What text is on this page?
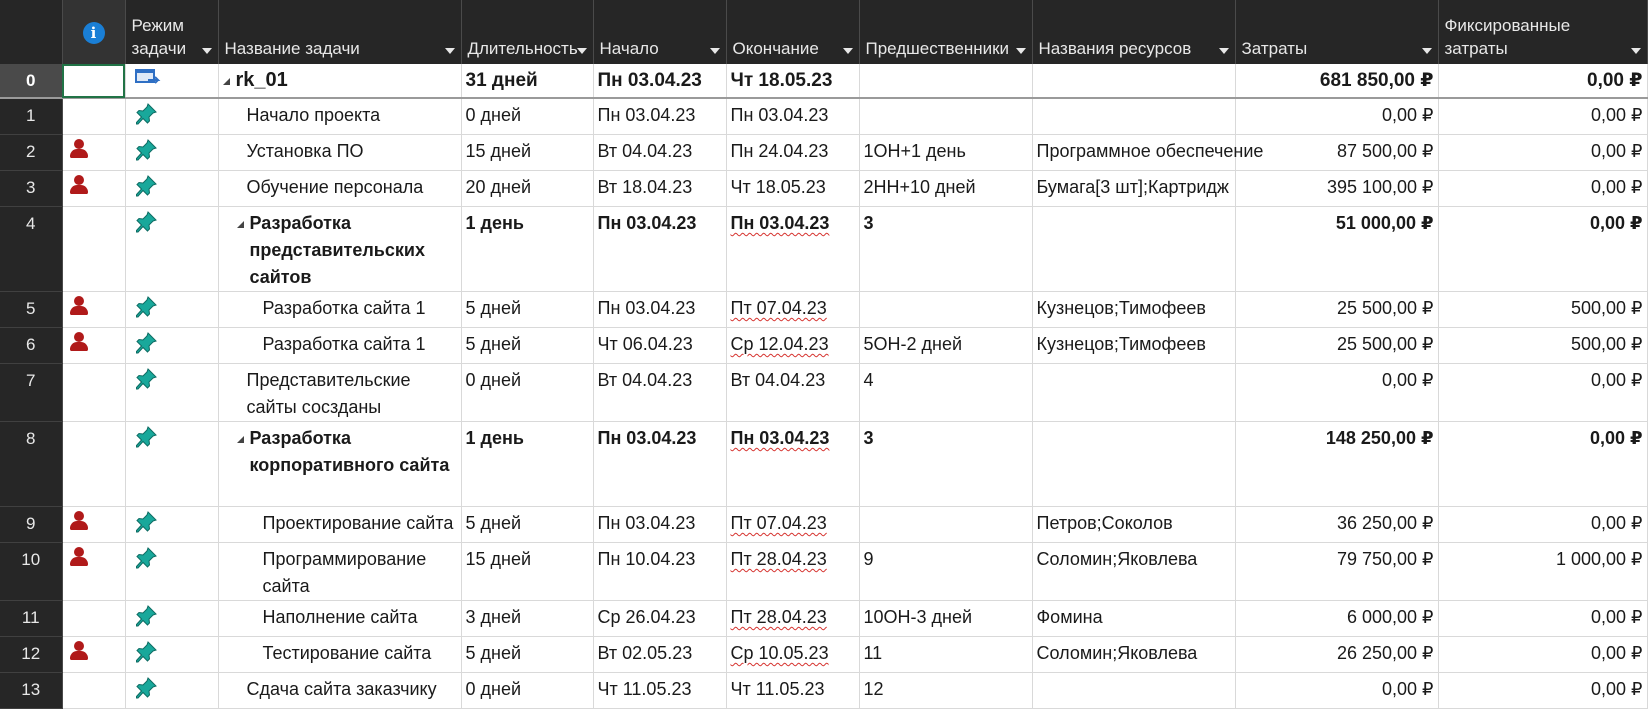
	i	Режим
задачи	Название задачи	Длительность	Начало	Окончание	Предшественники	Названия ресурсов	Затраты	Фиксированные
затраты

0			rk_01	31 дней	Пн 03.04.23	Чт 18.05.23			681 850,00 ₽	0,00 ₽
1			Начало проекта	0 дней	Пн 03.04.23	Пн 03.04.23			0,00 ₽	0,00 ₽
2			Установка ПО	15 дней	Вт 04.04.23	Пн 24.04.23	1ОН+1 день	Программное обеспечение	87 500,00 ₽	0,00 ₽
3			Обучение персонала	20 дней	Вт 18.04.23	Чт 18.05.23	2НН+10 дней	Бумага[3 шт];Картридж	395 100,00 ₽	0,00 ₽
4			Разработка представительских сайтов	1 день	Пн 03.04.23	Пн 03.04.23	3		51 000,00 ₽	0,00 ₽
5			Разработка сайта 1	5 дней	Пн 03.04.23	Пт 07.04.23		Кузнецов;Тимофеев	25 500,00 ₽	500,00 ₽
6			Разработка сайта 1	5 дней	Чт 06.04.23	Ср 12.04.23	5ОН-2 дней	Кузнецов;Тимофеев	25 500,00 ₽	500,00 ₽
7			Представительские сайты сосзданы	0 дней	Вт 04.04.23	Вт 04.04.23	4		0,00 ₽	0,00 ₽
8			Разработка корпоративного сайта	1 день	Пн 03.04.23	Пн 03.04.23	3		148 250,00 ₽	0,00 ₽
9			Проектирование сайта	5 дней	Пн 03.04.23	Пт 07.04.23		Петров;Соколов	36 250,00 ₽	0,00 ₽
10			Программирование сайта	15 дней	Пн 10.04.23	Пт 28.04.23	9	Соломин;Яковлева	79 750,00 ₽	1 000,00 ₽
11			Наполнение сайта	3 дней	Ср 26.04.23	Пт 28.04.23	10ОН-3 дней	Фомина	6 000,00 ₽	0,00 ₽
12			Тестирование сайта	5 дней	Вт 02.05.23	Ср 10.05.23	11	Соломин;Яковлева	26 250,00 ₽	0,00 ₽
13			Сдача сайта заказчику	0 дней	Чт 11.05.23	Чт 11.05.23	12		0,00 ₽	0,00 ₽
